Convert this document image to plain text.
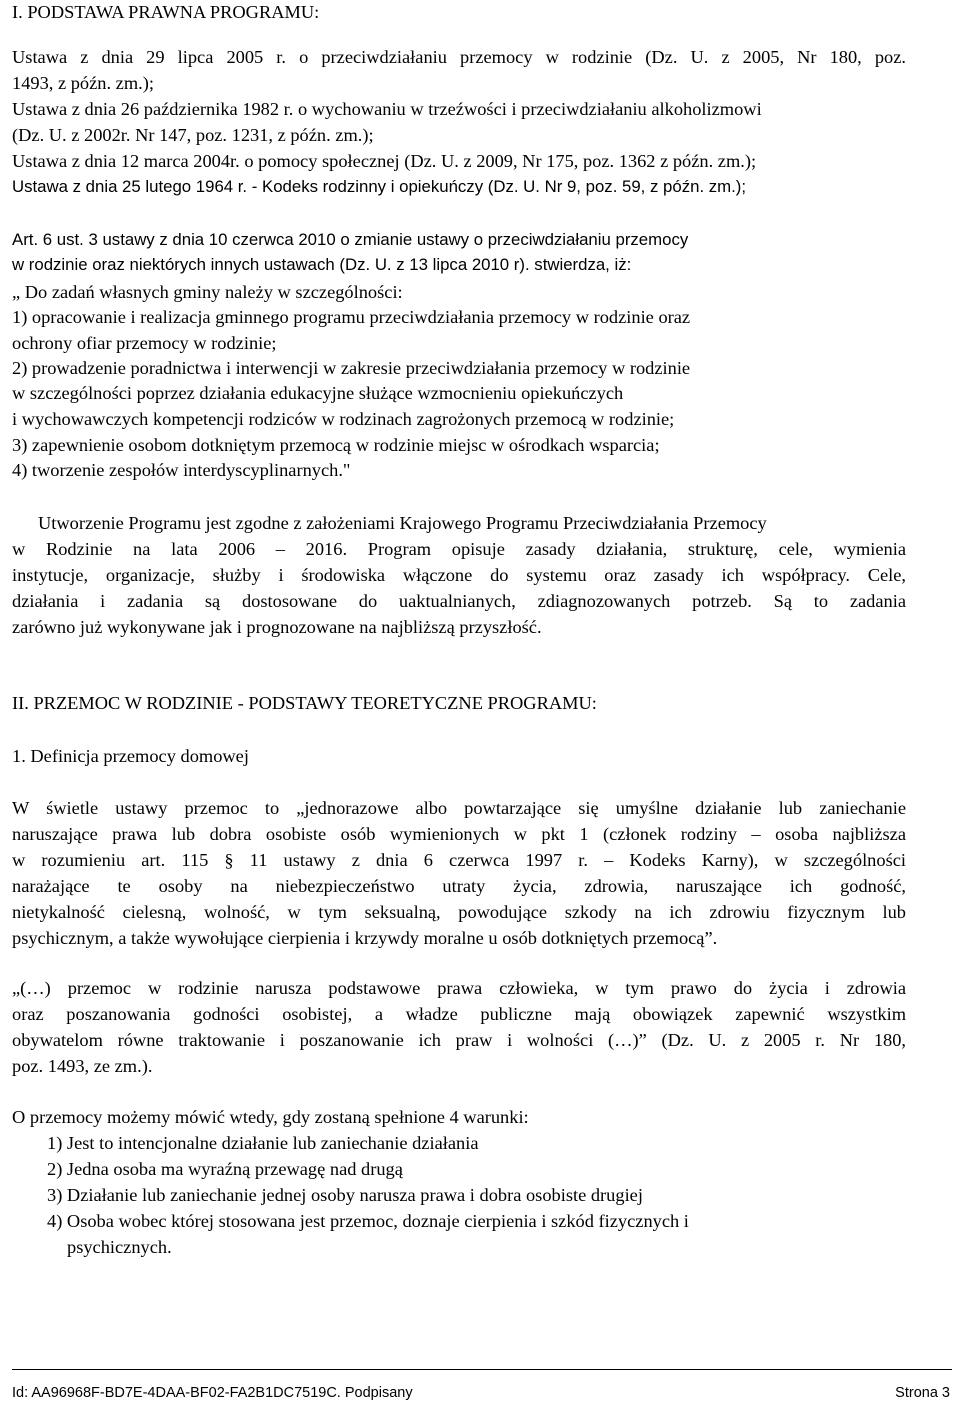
I. PODSTAWA PRAWNA PROGRAMU:
Ustawa z dnia 29 lipca 2005 r. o przeciwdziałaniu przemocy w rodzinie (Dz. U. z 2005, Nr 180, poz.
1493, z późn. zm.);
Ustawa z dnia 26 października 1982 r. o wychowaniu w trzeźwości i przeciwdziałaniu alkoholizmowi
(Dz. U. z 2002r. Nr 147, poz. 1231, z późn. zm.);
Ustawa z dnia 12 marca 2004r. o pomocy społecznej (Dz. U. z 2009, Nr 175, poz. 1362 z późn. zm.);
Ustawa z dnia 25 lutego 1964 r. - Kodeks rodzinny i opiekuńczy (Dz. U. Nr 9, poz. 59, z późn. zm.);
Art. 6 ust. 3 ustawy z dnia 10 czerwca 2010 o zmianie ustawy o przeciwdziałaniu przemocy
w rodzinie oraz niektórych innych ustawach (Dz. U. z 13 lipca 2010 r). stwierdza, iż:
„ Do zadań własnych gminy należy w szczególności:
1) opracowanie i realizacja gminnego programu przeciwdziałania przemocy w rodzinie oraz
ochrony ofiar przemocy w rodzinie;
2) prowadzenie poradnictwa i interwencji w zakresie przeciwdziałania przemocy w rodzinie
w szczególności poprzez działania edukacyjne służące wzmocnieniu opiekuńczych
i wychowawczych kompetencji rodziców w rodzinach zagrożonych przemocą w rodzinie;
3) zapewnienie osobom dotkniętym przemocą w rodzinie miejsc w ośrodkach wsparcia;
4) tworzenie zespołów interdyscyplinarnych."
Utworzenie Programu jest zgodne z założeniami Krajowego Programu Przeciwdziałania Przemocy
w Rodzinie na lata 2006 – 2016. Program opisuje zasady działania, strukturę, cele, wymienia
instytucje, organizacje, służby i środowiska włączone do systemu oraz zasady ich współpracy. Cele,
działania i zadania są dostosowane do uaktualnianych, zdiagnozowanych potrzeb. Są to zadania
zarówno już wykonywane jak i prognozowane na najbliższą przyszłość.
II. PRZEMOC W RODZINIE - PODSTAWY TEORETYCZNE PROGRAMU:
1. Definicja przemocy domowej
W świetle ustawy przemoc to „jednorazowe albo powtarzające się umyślne działanie lub zaniechanie
naruszające prawa lub dobra osobiste osób wymienionych w pkt 1 (członek rodziny – osoba najbliższa
w rozumieniu art. 115 § 11 ustawy z dnia 6 czerwca 1997 r. – Kodeks Karny), w szczególności
narażające te osoby na niebezpieczeństwo utraty życia, zdrowia, naruszające ich godność,
nietykalność cielesną, wolność, w tym seksualną, powodujące szkody na ich zdrowiu fizycznym lub
psychicznym, a także wywołujące cierpienia i krzywdy moralne u osób dotkniętych przemocą”.
„(…) przemoc w rodzinie narusza podstawowe prawa człowieka, w tym prawo do życia i zdrowia
oraz poszanowania godności osobistej, a władze publiczne mają obowiązek zapewnić wszystkim
obywatelom równe traktowanie i poszanowanie ich praw i wolności (…)” (Dz. U. z 2005 r. Nr 180,
poz. 1493, ze zm.).
O przemocy możemy mówić wtedy, gdy zostaną spełnione 4 warunki:
1) Jest to intencjonalne działanie lub zaniechanie działania
2) Jedna osoba ma wyraźną przewagę nad drugą
3) Działanie lub zaniechanie jednej osoby narusza prawa i dobra osobiste drugiej
4) Osoba wobec której stosowana jest przemoc, doznaje cierpienia i szkód fizycznych i
psychicznych.
Id: AA96968F-BD7E-4DAA-BF02-FA2B1DC7519C. Podpisany	Strona 3
